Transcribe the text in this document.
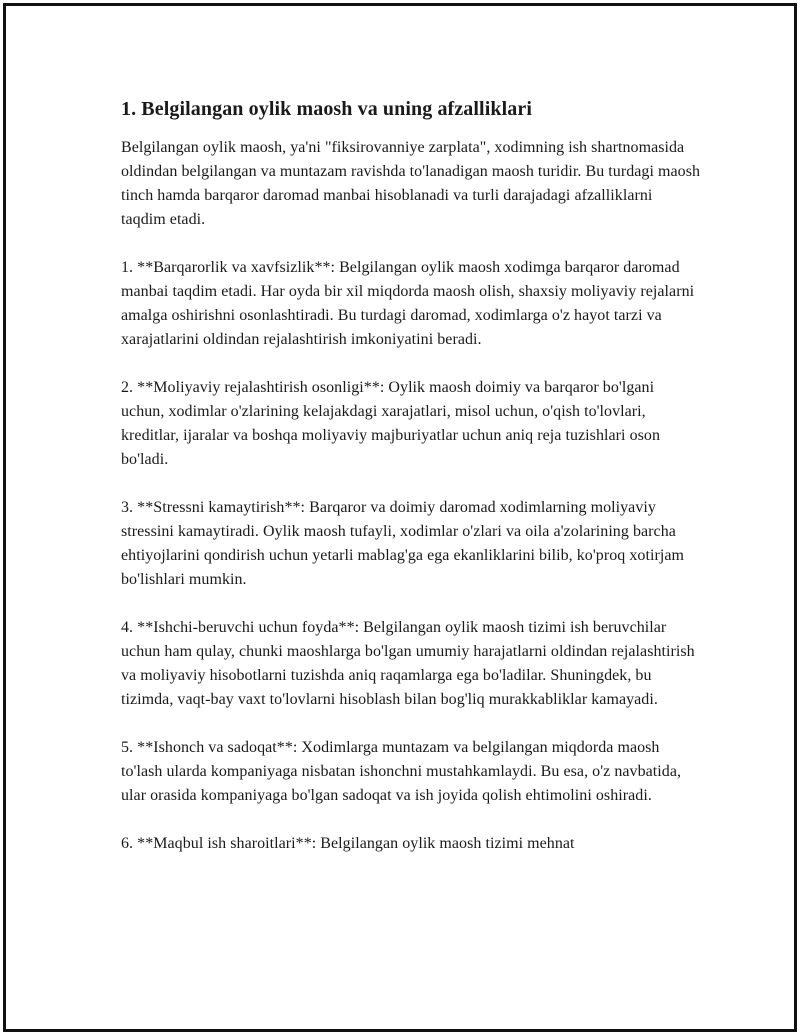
1. Belgilangan oylik maosh va uning afzalliklari

Belgilangan oylik maosh, ya'ni "fiksirovanniye zarplata", xodimning ish shartnomasida oldindan belgilangan va muntazam ravishda to'lanadigan maosh turidir. Bu turdagi maosh tinch hamda barqaror daromad manbai hisoblanadi va turli darajadagi afzalliklarni taqdim etadi.

1. **Barqarorlik va xavfsizlik**: Belgilangan oylik maosh xodimga barqaror daromad manbai taqdim etadi. Har oyda bir xil miqdorda maosh olish, shaxsiy moliyaviy rejalarni amalga oshirishni osonlashtiradi. Bu turdagi daromad, xodimlarga o'z hayot tarzi va xarajatlarini oldindan rejalashtirish imkoniyatini beradi.

2. **Moliyaviy rejalashtirish osonligi**: Oylik maosh doimiy va barqaror bo'lgani uchun, xodimlar o'zlarining kelajakdagi xarajatlari, misol uchun, o'qish to'lovlari, kreditlar, ijaralar va boshqa moliyaviy majburiyatlar uchun aniq reja tuzishlari oson bo'ladi.

3. **Stressni kamaytirish**: Barqaror va doimiy daromad xodimlarning moliyaviy stressini kamaytiradi. Oylik maosh tufayli, xodimlar o'zlari va oila a'zolarining barcha ehtiyojlarini qondirish uchun yetarli mablag'ga ega ekanliklarini bilib, ko'proq xotirjam bo'lishlari mumkin.

4. **Ishchi-beruvchi uchun foyda**: Belgilangan oylik maosh tizimi ish beruvchilar uchun ham qulay, chunki maoshlarga bo'lgan umumiy harajatlarni oldindan rejalashtirish va moliyaviy hisobotlarni tuzishda aniq raqamlarga ega bo'ladilar. Shuningdek, bu tizimda, vaqt-bay vaxt to'lovlarni hisoblash bilan bog'liq murakkabliklar kamayadi.

5. **Ishonch va sadoqat**: Xodimlarga muntazam va belgilangan miqdorda maosh to'lash ularda kompaniyaga nisbatan ishonchni mustahkamlaydi. Bu esa, o'z navbatida, ular orasida kompaniyaga bo'lgan sadoqat va ish joyida qolish ehtimolini oshiradi.

6. **Maqbul ish sharoitlari**: Belgilangan oylik maosh tizimi mehnat
